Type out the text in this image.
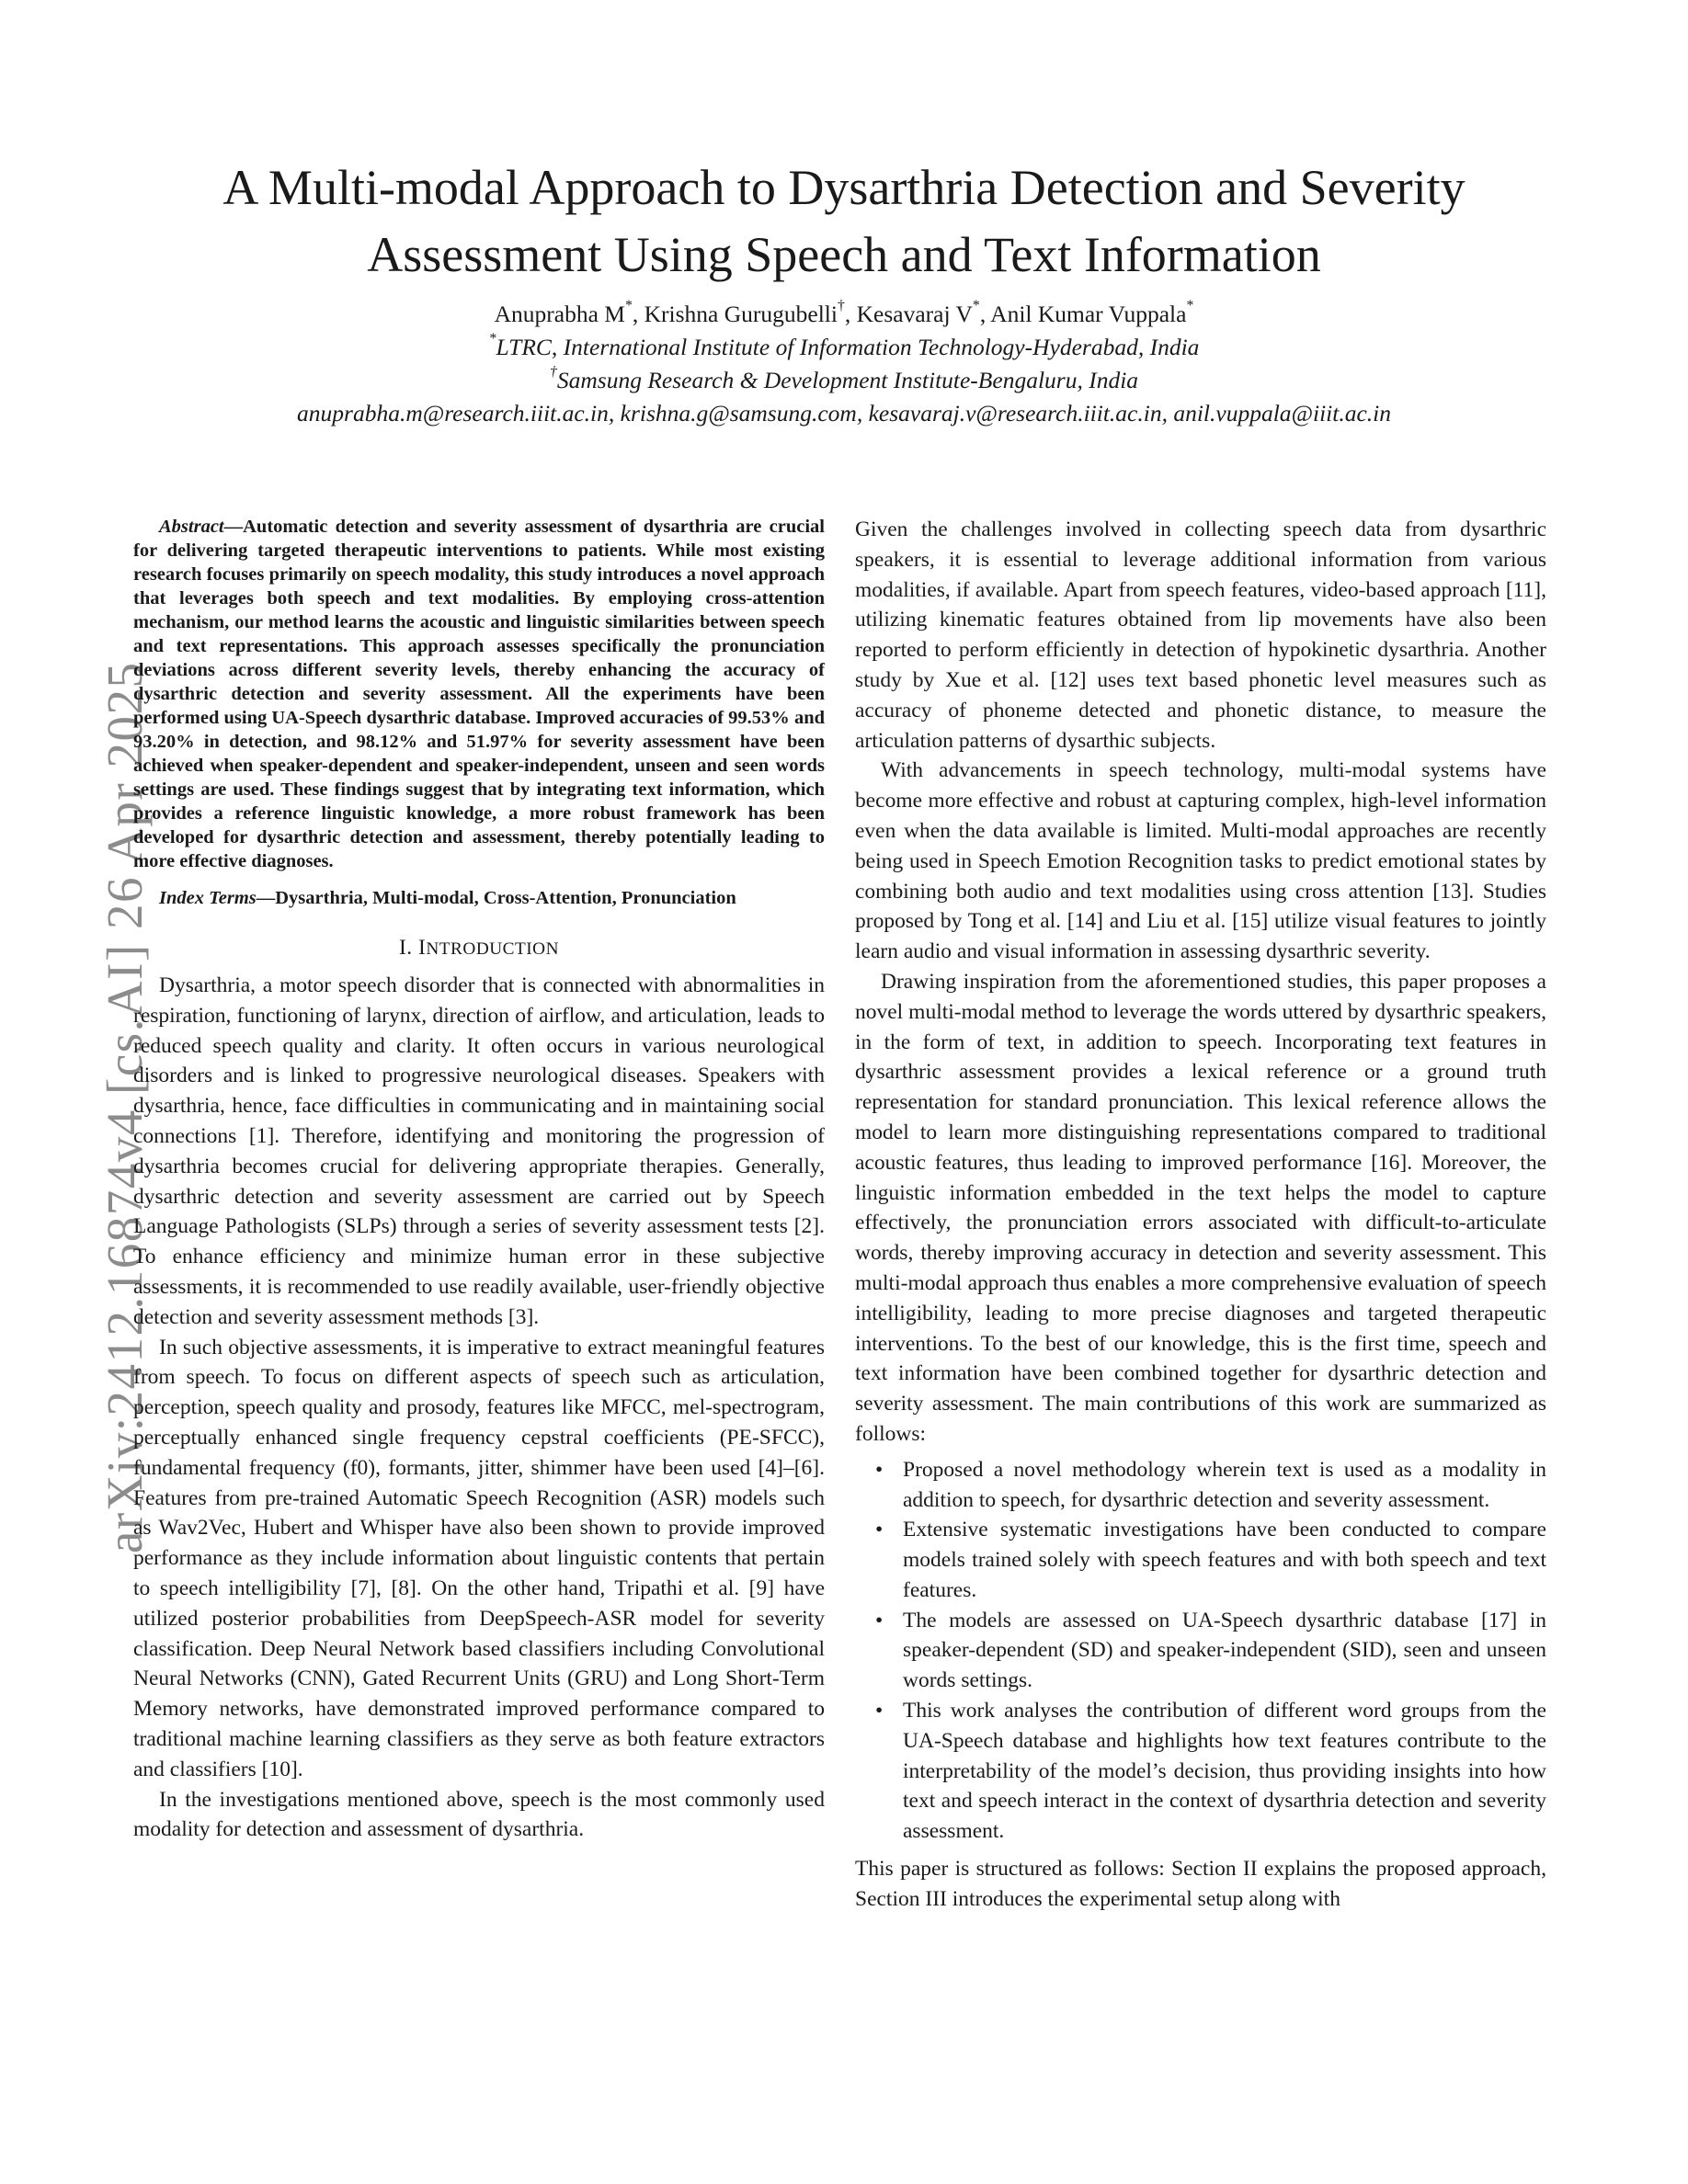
A Multi-modal Approach to Dysarthria Detection and Severity
Assessment Using Speech and Text Information
Anuprabha M*, Krishna Gurugubelli†, Kesavaraj V*, Anil Kumar Vuppala*
*LTRC, International Institute of Information Technology-Hyderabad, India
†Samsung Research & Development Institute-Bengaluru, India
anuprabha.m@research.iiit.ac.in, krishna.g@samsung.com, kesavaraj.v@research.iiit.ac.in, anil.vuppala@iiit.ac.in
arXiv:2412.16874v4 [cs.AI] 26 Apr 2025

Abstract—Automatic detection and severity assessment of dysarthria are crucial for delivering targeted therapeutic interventions to patients. While most existing research focuses primarily on speech modality, this study introduces a novel approach that leverages both speech and text modalities. By employing cross-attention mechanism, our method learns the acoustic and linguistic similarities between speech and text representations. This approach assesses specifically the pronunciation deviations across different severity levels, thereby enhancing the accuracy of dysarthric detection and severity assessment. All the experiments have been performed using UA-Speech dysarthric database. Improved accuracies of 99.53% and 93.20% in detection, and 98.12% and 51.97% for severity assessment have been achieved when speaker-dependent and speaker-independent, unseen and seen words settings are used. These findings suggest that by integrating text information, which provides a reference linguistic knowledge, a more robust framework has been developed for dysarthric detection and assessment, thereby potentially leading to more effective diagnoses.

Index Terms—Dysarthria, Multi-modal, Cross-Attention, Pronunciation

I. INTRODUCTION

Dysarthria, a motor speech disorder that is connected with abnormalities in respiration, functioning of larynx, direction of airflow, and articulation, leads to reduced speech quality and clarity. It often occurs in various neurological disorders and is linked to progressive neurological diseases. Speakers with dysarthria, hence, face difficulties in communicating and in maintaining social connections [1]. Therefore, identifying and monitoring the progression of dysarthria becomes crucial for delivering appropriate therapies. Generally, dysarthric detection and severity assessment are carried out by Speech Language Pathologists (SLPs) through a series of severity assessment tests [2]. To enhance efficiency and minimize human error in these subjective assessments, it is recommended to use readily available, user-friendly objective detection and severity assessment methods [3].

In such objective assessments, it is imperative to extract meaningful features from speech. To focus on different aspects of speech such as articulation, perception, speech quality and prosody, features like MFCC, mel-spectrogram, perceptually enhanced single frequency cepstral coefficients (PE-SFCC), fundamental frequency (f0), formants, jitter, shimmer have been used [4]–[6]. Features from pre-trained Automatic Speech Recognition (ASR) models such as Wav2Vec, Hubert and Whisper have also been shown to provide improved performance as they include information about linguistic contents that pertain to speech intelligibility [7], [8]. On the other hand, Tripathi et al. [9] have utilized posterior probabilities from DeepSpeech-ASR model for severity classification. Deep Neural Network based classifiers including Convolutional Neural Networks (CNN), Gated Recurrent Units (GRU) and Long Short-Term Memory networks, have demonstrated improved performance compared to traditional machine learning classifiers as they serve as both feature extractors and classifiers [10].

In the investigations mentioned above, speech is the most commonly used modality for detection and assessment of dysarthria.

Given the challenges involved in collecting speech data from dysarthric speakers, it is essential to leverage additional information from various modalities, if available. Apart from speech features, video-based approach [11], utilizing kinematic features obtained from lip movements have also been reported to perform efficiently in detection of hypokinetic dysarthria. Another study by Xue et al. [12] uses text based phonetic level measures such as accuracy of phoneme detected and phonetic distance, to measure the articulation patterns of dysarthic subjects.

With advancements in speech technology, multi-modal systems have become more effective and robust at capturing complex, high-level information even when the data available is limited. Multi-modal approaches are recently being used in Speech Emotion Recognition tasks to predict emotional states by combining both audio and text modalities using cross attention [13]. Studies proposed by Tong et al. [14] and Liu et al. [15] utilize visual features to jointly learn audio and visual information in assessing dysarthric severity.

Drawing inspiration from the aforementioned studies, this paper proposes a novel multi-modal method to leverage the words uttered by dysarthric speakers, in the form of text, in addition to speech. Incorporating text features in dysarthric assessment provides a lexical reference or a ground truth representation for standard pronunciation. This lexical reference allows the model to learn more distinguishing representations compared to traditional acoustic features, thus leading to improved performance [16]. Moreover, the linguistic information embedded in the text helps the model to capture effectively, the pronunciation errors associated with difficult-to-articulate words, thereby improving accuracy in detection and severity assessment. This multi-modal approach thus enables a more comprehensive evaluation of speech intelligibility, leading to more precise diagnoses and targeted therapeutic interventions. To the best of our knowledge, this is the first time, speech and text information have been combined together for dysarthric detection and severity assessment. The main contributions of this work are summarized as follows:

• Proposed a novel methodology wherein text is used as a modality in addition to speech, for dysarthric detection and severity assessment.
• Extensive systematic investigations have been conducted to compare models trained solely with speech features and with both speech and text features.
• The models are assessed on UA-Speech dysarthric database [17] in speaker-dependent (SD) and speaker-independent (SID), seen and unseen words settings.
• This work analyses the contribution of different word groups from the UA-Speech database and highlights how text features contribute to the interpretability of the model’s decision, thus providing insights into how text and speech interact in the context of dysarthria detection and severity assessment.

This paper is structured as follows: Section II explains the proposed approach, Section III introduces the experimental setup along with
